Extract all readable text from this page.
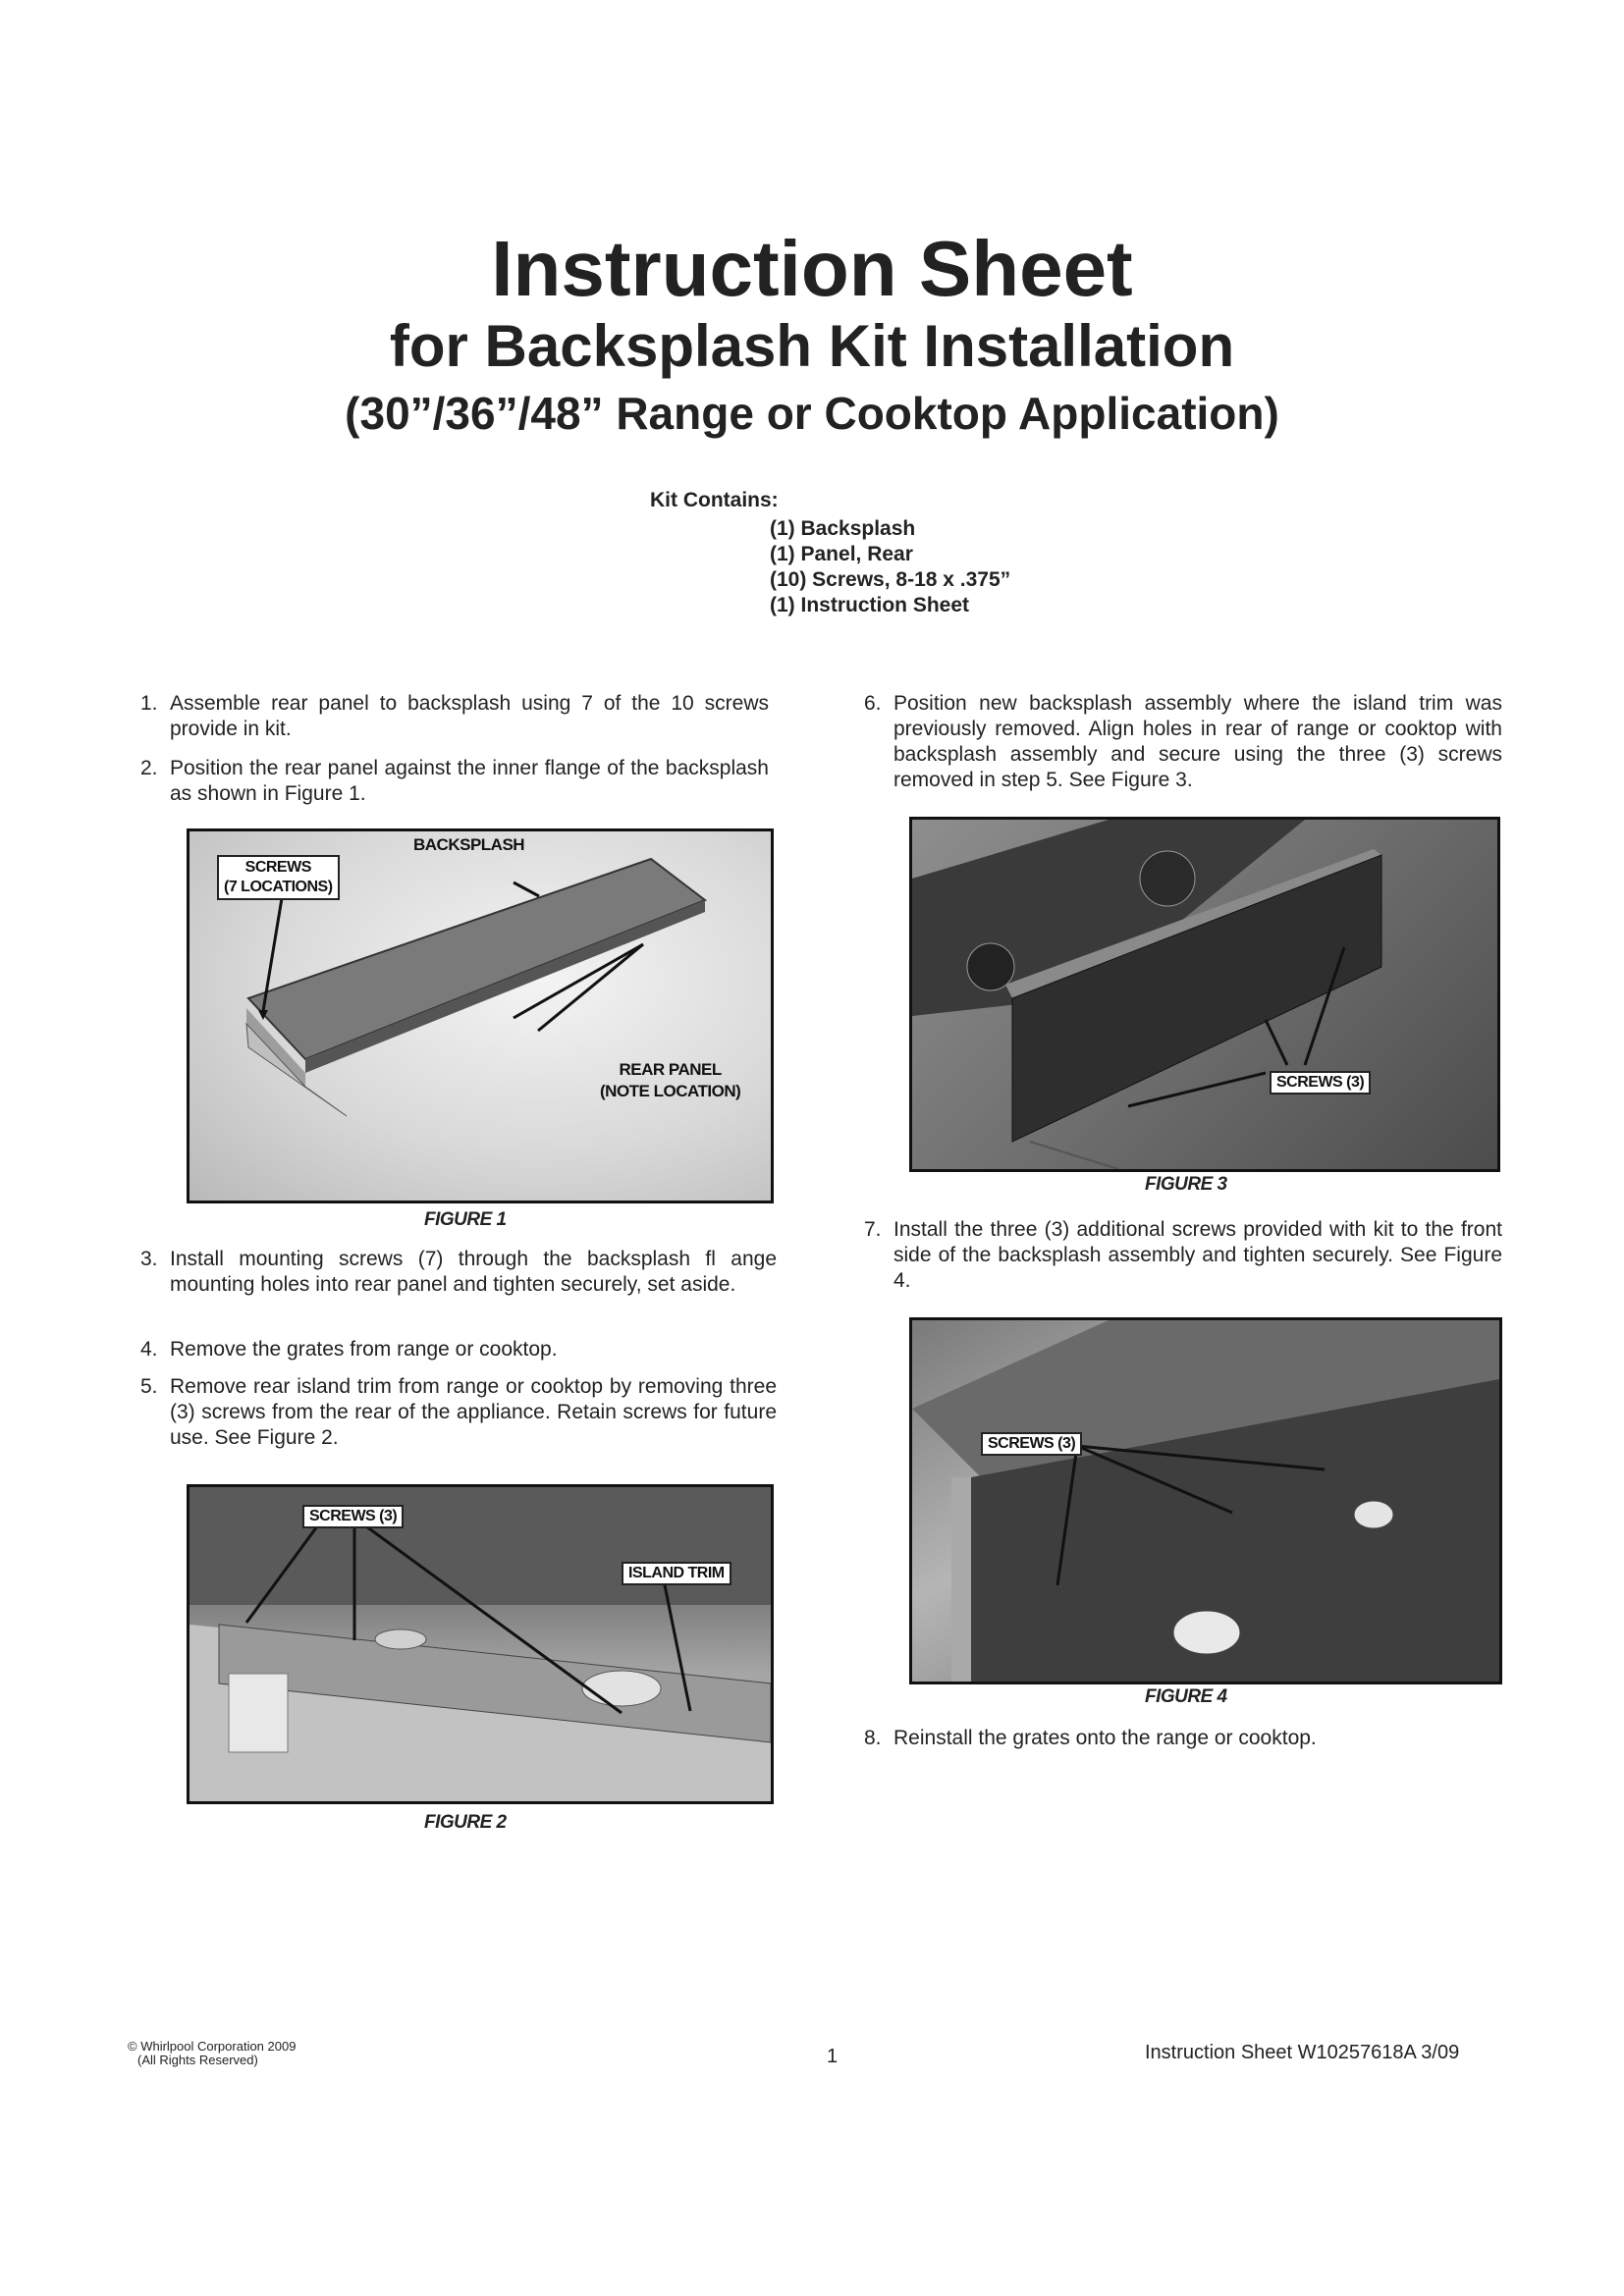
Instruction Sheet
for Backsplash Kit Installation
(30”/36”/48” Range or Cooktop Application)
Kit Contains:
(1) Backsplash
(1) Panel, Rear
(10) Screws, 8-18 x .375”
(1) Instruction Sheet
1. Assemble rear panel to backsplash using 7 of the 10 screws provide in kit.
2. Position the rear panel against the inner flange of the backsplash as shown in Figure 1.
BACKSPLASH
SCREWS
(7 LOCATIONS)
REAR PANEL
(NOTE LOCATION)
FIGURE 1
3. Install mounting screws (7) through the backsplash fl ange mounting holes into rear panel and tighten securely, set aside.
4. Remove the grates from range or cooktop.
5. Remove rear island trim from range or cooktop by removing three (3) screws from the rear of the appliance. Retain screws for future use. See Figure 2.
SCREWS (3)
ISLAND TRIM
FIGURE 2
6. Position new backsplash assembly where the island trim was previously removed. Align holes in rear of range or cooktop with backsplash assembly and secure using the three (3) screws removed in step 5. See Figure 3.
SCREWS (3)
FIGURE 3
7. Install the three (3) additional screws provided with kit to the front side of the backsplash assembly and tighten securely. See Figure 4.
SCREWS (3)
FIGURE 4
8. Reinstall the grates onto the range or cooktop.
© Whirlpool Corporation 2009
(All Rights Reserved)	1	Instruction Sheet W10257618A 3/09
